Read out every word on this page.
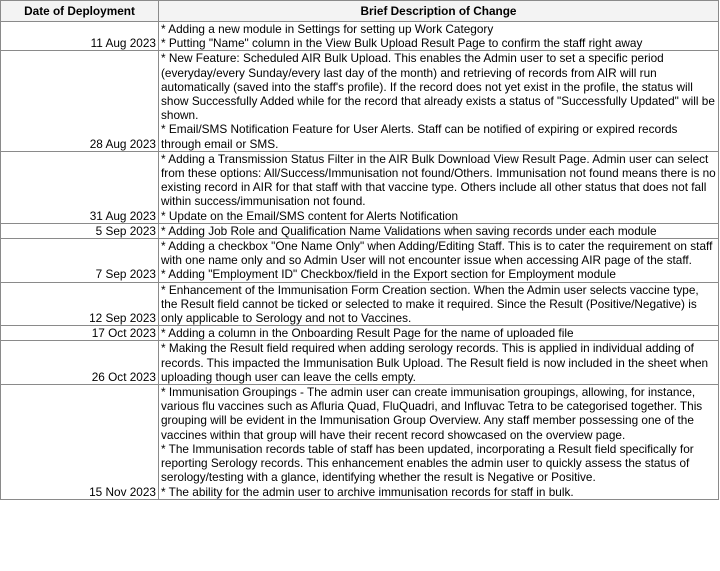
Date of Deployment	Brief Description of Change
11 Aug 2023	* Adding a new module in Settings for setting up Work Category
* Putting "Name" column in the View Bulk Upload Result Page to confirm the staff right away

28 Aug 2023	* New Feature: Scheduled AIR Bulk Upload. This enables the Admin user to set a specific period (everyday/every Sunday/every last day of the month) and retrieving of records from AIR will run automatically (saved into the staff's profile). If the record does not yet exist in the profile, the status will show Successfully Added while for the record that already exists a status of "Successfully Updated" will be shown.
* Email/SMS Notification Feature for User Alerts. Staff can be notified of expiring or expired records through email or SMS.

31 Aug 2023	* Adding a Transmission Status Filter in the AIR Bulk Download View Result Page. Admin user can select from these options: All/Success/Immunisation not found/Others. Immunisation not found means there is no existing record in AIR for that staff with that vaccine type. Others include all other status that does not fall within success/immunisation not found.
* Update on the Email/SMS content for Alerts Notification

5 Sep 2023	* Adding Job Role and Qualification Name Validations when saving records under each module

7 Sep 2023	* Adding a checkbox "One Name Only" when Adding/Editing Staff. This is to cater the requirement on staff with one name only and so Admin User will not encounter issue when accessing AIR page of the staff.
* Adding "Employment ID" Checkbox/field in the Export section for Employment module

12 Sep 2023	* Enhancement of the Immunisation Form Creation section. When the Admin user selects vaccine type, the Result field cannot be ticked or selected to make it required. Since the Result (Positive/Negative) is only applicable to Serology and not to Vaccines.

17 Oct 2023	* Adding a column in the Onboarding Result Page for the name of uploaded file

26 Oct 2023	* Making the Result field required when adding serology records. This is applied in individual adding of records. This impacted the Immunisation Bulk Upload. The Result field is now included in the sheet when uploading though user can leave the cells empty.

15 Nov 2023	* Immunisation Groupings - The admin user can create immunisation groupings, allowing, for instance, various flu vaccines such as Afluria Quad, FluQuadri, and Influvac Tetra to be categorised together. This grouping will be evident in the Immunisation Group Overview. Any staff member possessing one of the vaccines within that group will have their recent record showcased on the overview page.
* The Immunisation records table of staff has been updated, incorporating a Result field specifically for reporting Serology records. This enhancement enables the admin user to quickly assess the status of serology/testing with a glance, identifying whether the result is Negative or Positive.
* The ability for the admin user to archive immunisation records for staff in bulk.
